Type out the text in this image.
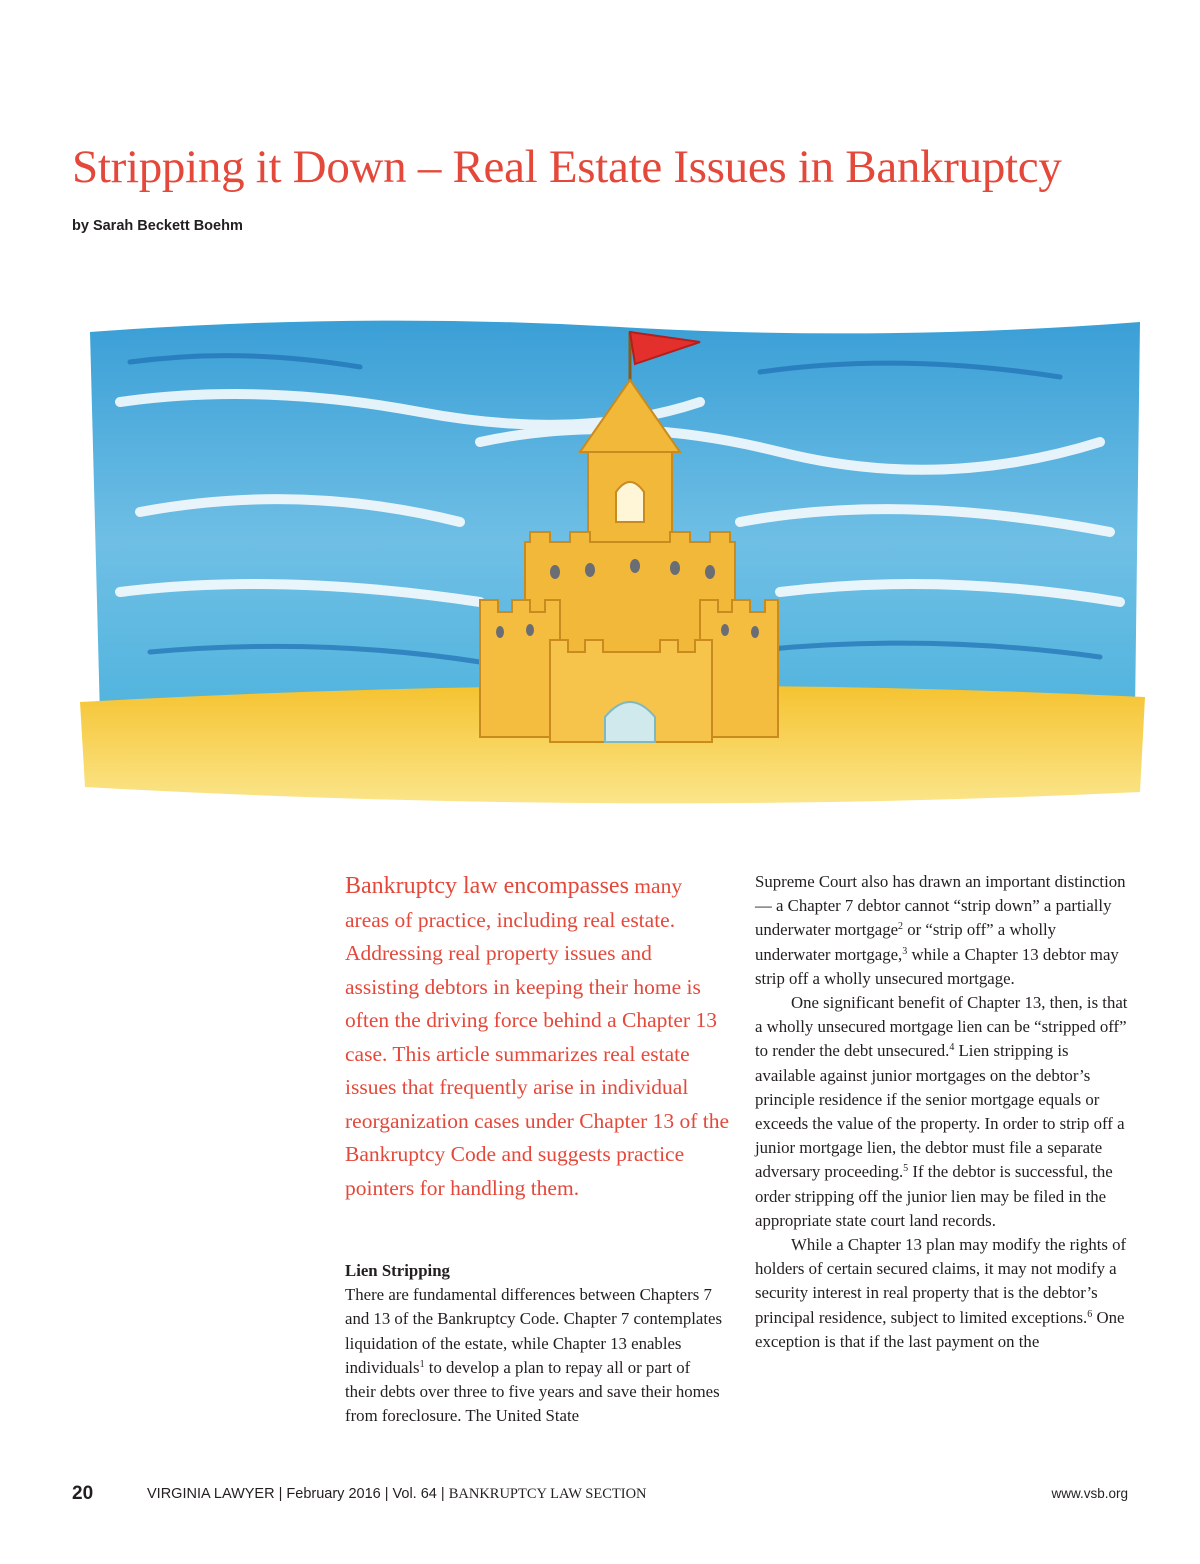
Stripping it Down – Real Estate Issues in Bankruptcy
by Sarah Beckett Boehm

Bankruptcy law encompasses many areas of practice, including real estate. Addressing real property issues and assisting debtors in keeping their home is often the driving force behind a Chapter 13 case. This article summarizes real estate issues that frequently arise in individual reorganization cases under Chapter 13 of the Bankruptcy Code and suggests practice pointers for handling them.

Lien Stripping

There are fundamental differences between Chapters 7 and 13 of the Bankruptcy Code. Chapter 7 contemplates liquidation of the estate, while Chapter 13 enables individuals$^1$ to develop a plan to repay all or part of their debts over three to five years and save their homes from foreclosure. The United State

Supreme Court also has drawn an important distinction — a Chapter 7 debtor cannot “strip down” a partially underwater mortgage$^2$ or “strip off” a wholly underwater mortgage,$^3$ while a Chapter 13 debtor may strip off a wholly unsecured mortgage.

One significant benefit of Chapter 13, then, is that a wholly unsecured mortgage lien can be “stripped off” to render the debt unsecured.$^4$ Lien stripping is available against junior mortgages on the debtor’s principle residence if the senior mortgage equals or exceeds the value of the property. In order to strip off a junior mortgage lien, the debtor must file a separate adversary proceeding.$^5$ If the debtor is successful, the order stripping off the junior lien may be filed in the appropriate state court land records.

While a Chapter 13 plan may modify the rights of holders of certain secured claims, it may not modify a security interest in real property that is the debtor’s principal residence, subject to limited exceptions.$^6$ One exception is that if the last payment on the

20	VIRGINIA LAWYER | February 2016 | Vol. 64 | BANKRUPTCY LAW SECTION	www.vsb.org
